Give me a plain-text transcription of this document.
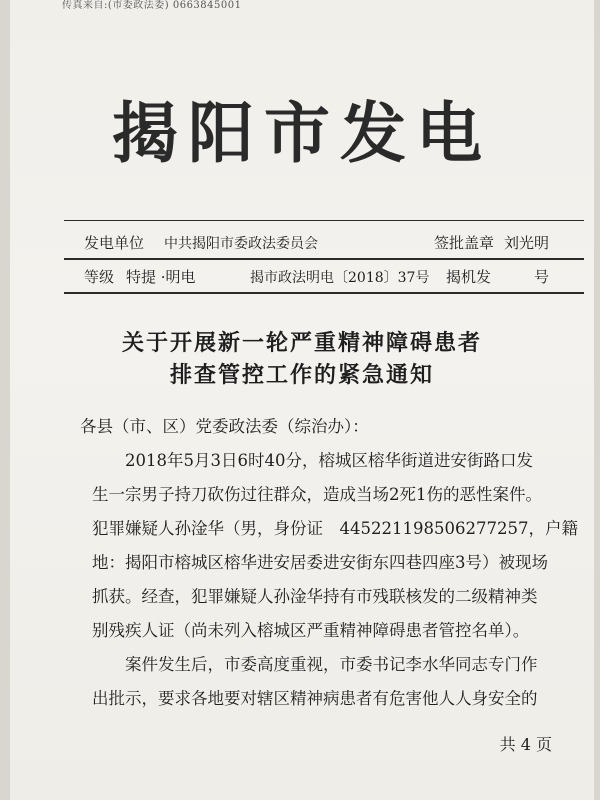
传真来自:(市委政法委) 0663845001
揭阳市发电
发电单位 中共揭阳市委政法委员会	签批盖章 刘光明
等级 特提 ·明电	揭市政法明电〔2018〕37号 揭机发	号
关于开展新一轮严重精神障碍患者
排查管控工作的紧急通知
各县（市、区）党委政法委（综治办）：
　　2018年5月3日6时40分，榕城区榕华街道进安街路口发
生一宗男子持刀砍伤过往群众，造成当场2死1伤的恶性案件。
犯罪嫌疑人孙淦华（男，身份证　445221198506277257，户籍
地：揭阳市榕城区榕华进安居委进安街东四巷四座3号）被现场
抓获。经查，犯罪嫌疑人孙淦华持有市残联核发的二级精神类
别残疾人证（尚未列入榕城区严重精神障碍患者管控名单）。
　　案件发生后，市委高度重视，市委书记李水华同志专门作
出批示，要求各地要对辖区精神病患者有危害他人人身安全的
共 4 页
